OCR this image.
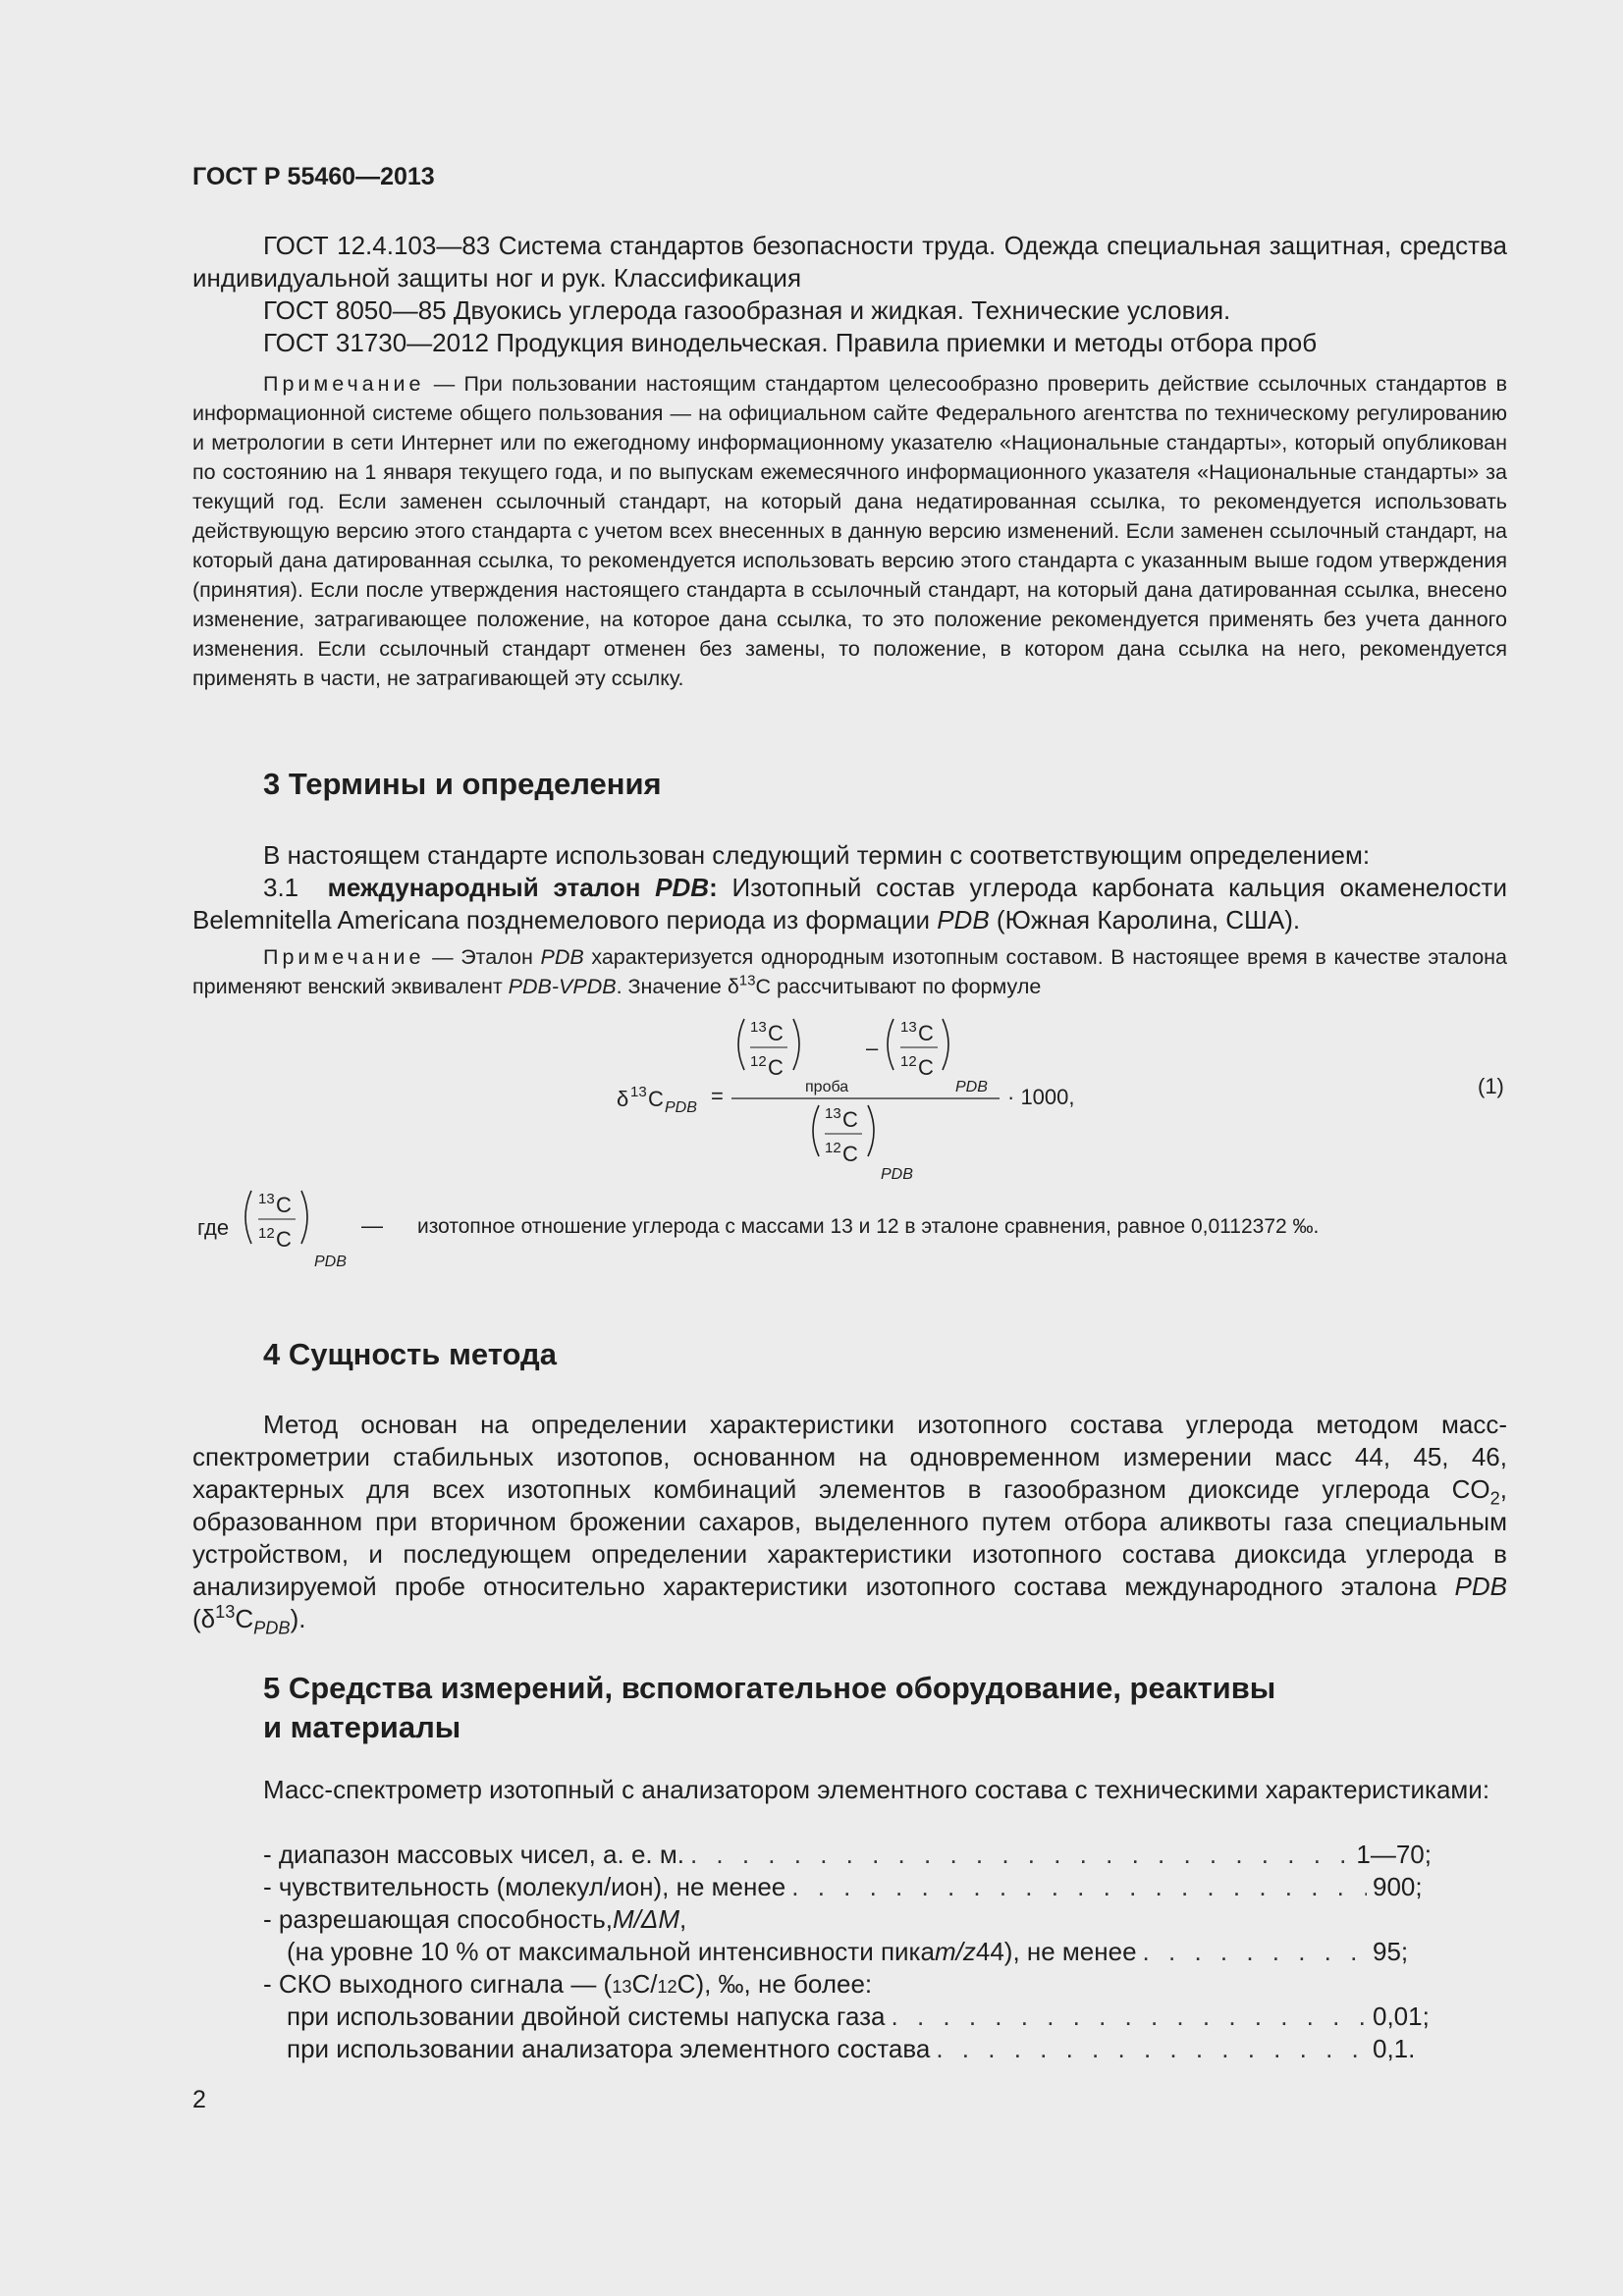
ГОСТ Р 55460—2013

ГОСТ 12.4.103—83 Система стандартов безопасности труда. Одежда специальная защитная, средства индивидуальной защиты ног и рук. Классификация

ГОСТ 8050—85 Двуокись углерода газообразная и жидкая. Технические условия.

ГОСТ 31730—2012 Продукция винодельческая. Правила приемки и методы отбора проб

Примечание — При пользовании настоящим стандартом целесообразно проверить действие ссылочных стандартов в информационной системе общего пользования — на официальном сайте Федерального агентства по техническому регулированию и метрологии в сети Интернет или по ежегодному информационному указателю «Национальные стандарты», который опубликован по состоянию на 1 января текущего года, и по выпускам ежемесячного информационного указателя «Национальные стандарты» за текущий год. Если заменен ссылочный стандарт, на который дана недатированная ссылка, то рекомендуется использовать действующую версию этого стандарта с учетом всех внесенных в данную версию изменений. Если заменен ссылочный стандарт, на который дана датированная ссылка, то рекомендуется использовать версию этого стандарта с указанным выше годом утверждения (принятия). Если после утверждения настоящего стандарта в ссылочный стандарт, на который дана датированная ссылка, внесено изменение, затрагивающее положение, на которое дана ссылка, то это положение рекомендуется применять без учета данного изменения. Если ссылочный стандарт отменен без замены, то положение, в котором дана ссылка на него, рекомендуется применять в части, не затрагивающей эту ссылку.
3 Термины и определения

В настоящем стандарте использован следующий термин с соответствующим определением:

3.1 международный эталон PDB: Изотопный состав углерода карбоната кальция окаменелости Belemnitella Americana позднемелового периода из формации PDB (Южная Каролина, США).

Примечание — Эталон PDB характеризуется однородным изотопным составом. В настоящее время в качестве эталона применяют венский эквивалент PDB-VPDB. Значение $\delta^{13}C$ рассчитывают по формуле
δ 13 C PDB =
13 C
12 C
проба
–
13 C
12 C
PDB
13 C
12 C
PDB
· 1000,	(1)
где
13 C
12 C
PDB
— изотопное отношение углерода с массами 13 и 12 в эталоне сравнения, равное 0,0112372 ‰.
4 Сущность метода

Метод основан на определении характеристики изотопного состава углерода методом масс-спектрометрии стабильных изотопов, основанном на одновременном измерении масс 44, 45, 46, характерных для всех изотопных комбинаций элементов в газообразном диоксиде углерода $CO_2$, образованном при вторичном брожении сахаров, выделенного путем отбора аликвоты газа специальным устройством, и последующем определении характеристики изотопного состава диоксида углерода в анализируемой пробе относительно характеристики изотопного состава международного эталона PDB $(\delta^{13}C_{PDB})$.

5 Средства измерений, вспомогательное оборудование, реактивы
и материалы

Масс-спектрометр изотопный с анализатором элементного состава с техническими характеристиками:

- диапазон массовых чисел, а. е. м. . . .	1—70;
- чувствительность (молекул/ион), не менее . . .	900;
- разрешающая способность, M/ΔM ,
(на уровне 10 % от максимальной интенсивности пика m/z 44), не менее . . .	95;
- СКО выходного сигнала — ( 13 C/ 12 C), ‰, не более:
при использовании двойной системы напуска газа . . .	0,01;
при использовании анализатора элементного состава . . .	0,1.
2
